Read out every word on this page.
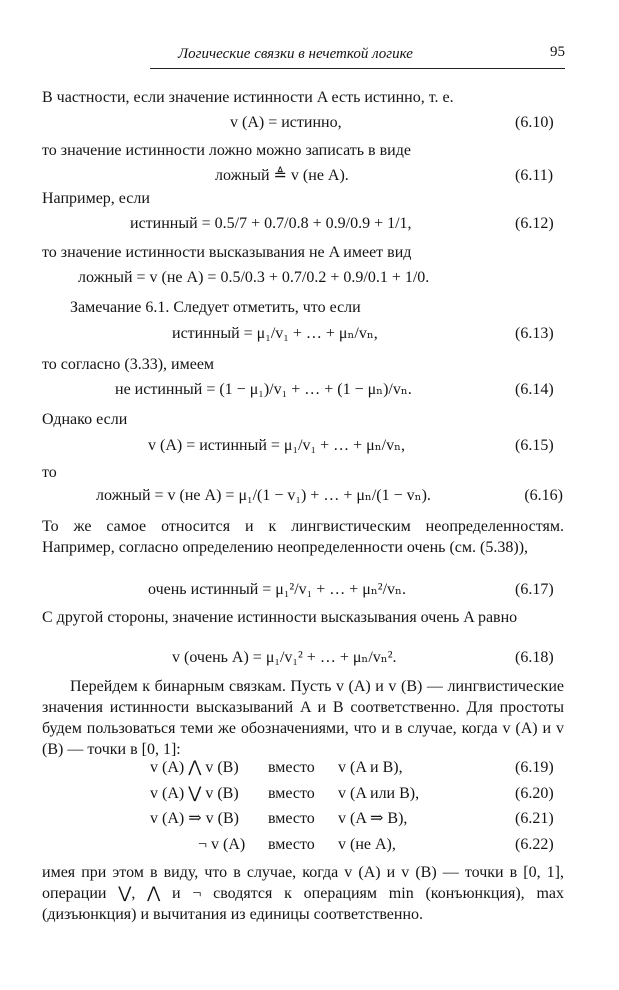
Логические связки в нечеткой логике	95
В частности, если значение истинности A есть истинно, т. е.
v (A) = истинно,	(6.10)
то значение истинности ложно можно записать в виде
ложный ≜ v (не A).	(6.11)
Например, если
истинный = 0.5/7 + 0.7/0.8 + 0.9/0.9 + 1/1,	(6.12)
то значение истинности высказывания не A имеет вид
ложный = v (не A) = 0.5/0.3 + 0.7/0.2 + 0.9/0.1 + 1/0.
Замечание 6.1. Следует отметить, что если
истинный = μ₁/v₁ + … + μₙ/vₙ,	(6.13)
то согласно (3.33), имеем
не истинный = (1 − μ₁)/v₁ + … + (1 − μₙ)/vₙ.	(6.14)
Однако если
v (A) = истинный = μ₁/v₁ + … + μₙ/vₙ,	(6.15)
то
ложный = v (не A) = μ₁/(1 − v₁) + … + μₙ/(1 − vₙ).	(6.16)
То же самое относится и к лингвистическим неопределенностям. Например, согласно определению неопределенности очень (см. (5.38)),
очень истинный = μ₁²/v₁ + … + μₙ²/vₙ.	(6.17)
С другой стороны, значение истинности высказывания очень A равно
v (очень A) = μ₁/v₁² + … + μₙ/vₙ².	(6.18)
Перейдем к бинарным связкам. Пусть v (A) и v (B) — лингвистические значения истинности высказываний A и B соответственно. Для простоты будем пользоваться теми же обозначениями, что и в случае, когда v (A) и v (B) — точки в [0, 1]:
v (A) ⋀ v (B) вместо v (A и B),	(6.19)
v (A) ⋁ v (B) вместо v (A или B),	(6.20)
v (A) ⇒ v (B) вместо v (A ⇒ B),	(6.21)
¬ v (A) вместо v (не A),	(6.22)
имея при этом в виду, что в случае, когда v (A) и v (B) — точки в [0, 1], операции ⋁, ⋀ и ¬ сводятся к операциям min (конъюнкция), max (дизъюнкция) и вычитания из единицы соответственно.
